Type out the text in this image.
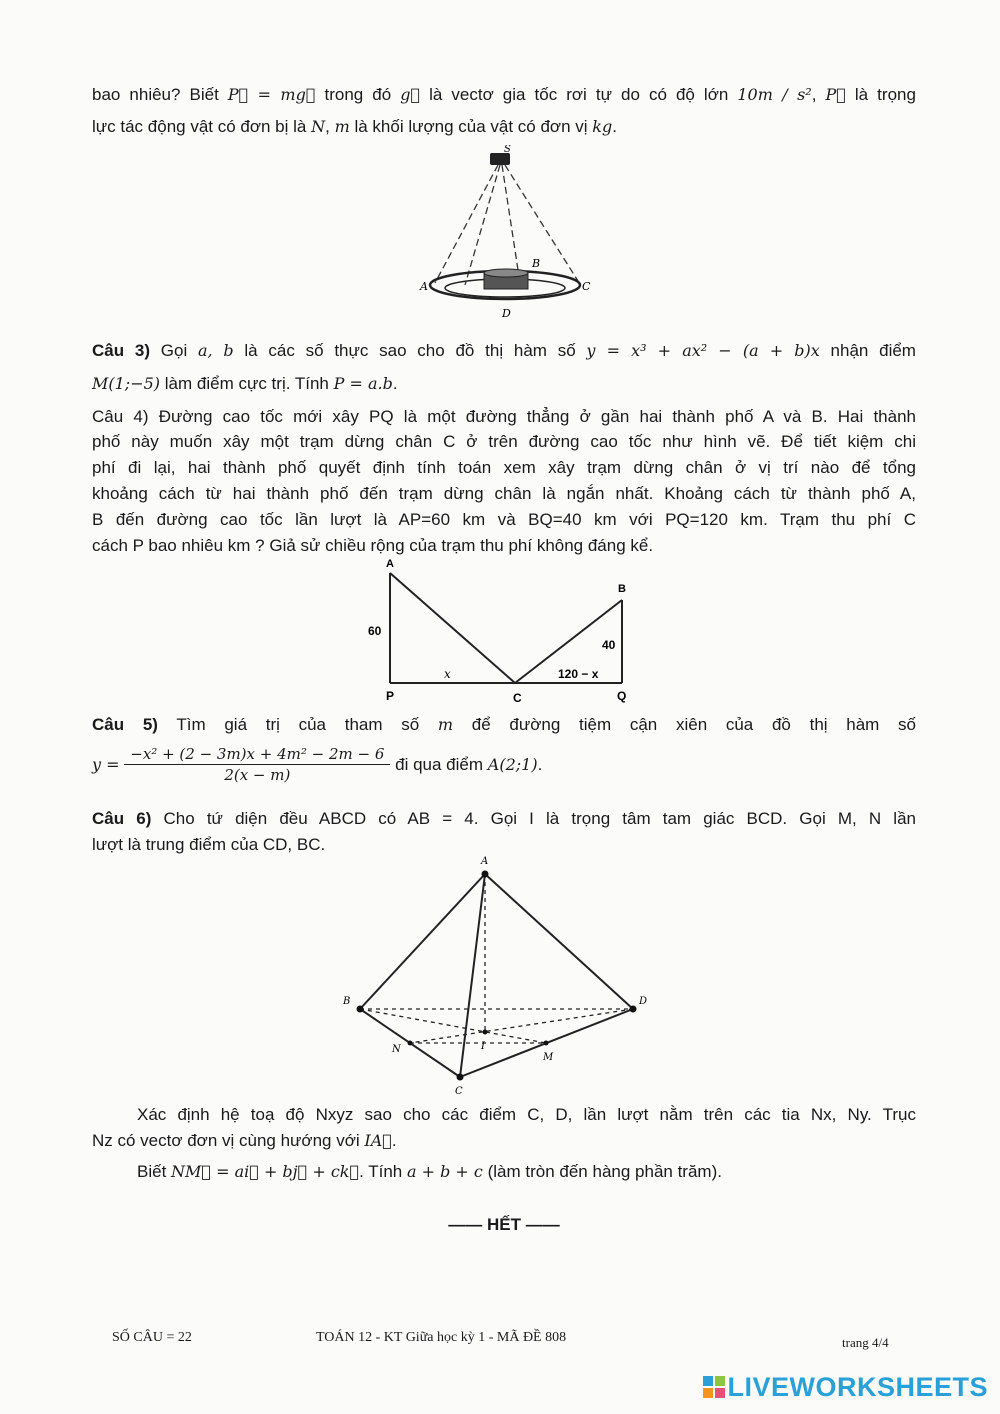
bao nhiêu? Biết P⃗ = mg⃗ trong đó g⃗ là vectơ gia tốc rơi tự do có độ lớn 10m / s², P⃗ là trọng

lực tác động vật có đơn bị là N, m là khối lượng của vật có đơn vị kg.

S
A
B
C
D

Câu 3) Gọi a, b là các số thực sao cho đồ thị hàm số y = x³ + ax² − (a + b)x nhận điểm

M(1;−5) làm điểm cực trị. Tính P = a.b.

Câu 4) Đường cao tốc mới xây PQ là một đường thẳng ở gần hai thành phố A và B. Hai thành

phố này muốn xây một trạm dừng chân C ở trên đường cao tốc như hình vẽ. Để tiết kiệm chi

phí đi lại, hai thành phố quyết định tính toán xem xây trạm dừng chân ở vị trí nào để tổng

khoảng cách từ hai thành phố đến trạm dừng chân là ngắn nhất. Khoảng cách từ thành phố A,

B đến đường cao tốc lần lượt là AP=60 km và BQ=40 km với PQ=120 km. Trạm thu phí C

cách P bao nhiêu km ? Giả sử chiều rộng của trạm thu phí không đáng kể.

A
B
P	C	Q
60
40
x	120 − x

Câu 5) Tìm giá trị của tham số m để đường tiệm cận xiên của đồ thị hàm số

$y = \frac{\text{−x² + (2 − 3m)x + 4m² − 2m − 6}}{2(x - m)}$ đi qua điểm A(2;1).

Câu 6) Cho tứ diện đều ABCD có AB = 4. Gọi I là trọng tâm tam giác BCD. Gọi M, N lần

lượt là trung điểm của CD, BC.

A
B	D
C
I
N
M

Xác định hệ toạ độ Nxyz sao cho các điểm C, D, lần lượt nằm trên các tia Nx, Ny. Trục

Nz có vectơ đơn vị cùng hướng với IA⃗.

Biết NM⃗ = ai⃗ + bj⃗ + ck⃗. Tính a + b + c (làm tròn đến hàng phần trăm).

—— HẾT ——

SỐ CÂU = 22	TOÁN 12 - KT Giữa học kỳ 1 - MÃ ĐỀ 808	trang 4/4
LIVEWORKSHEETS
